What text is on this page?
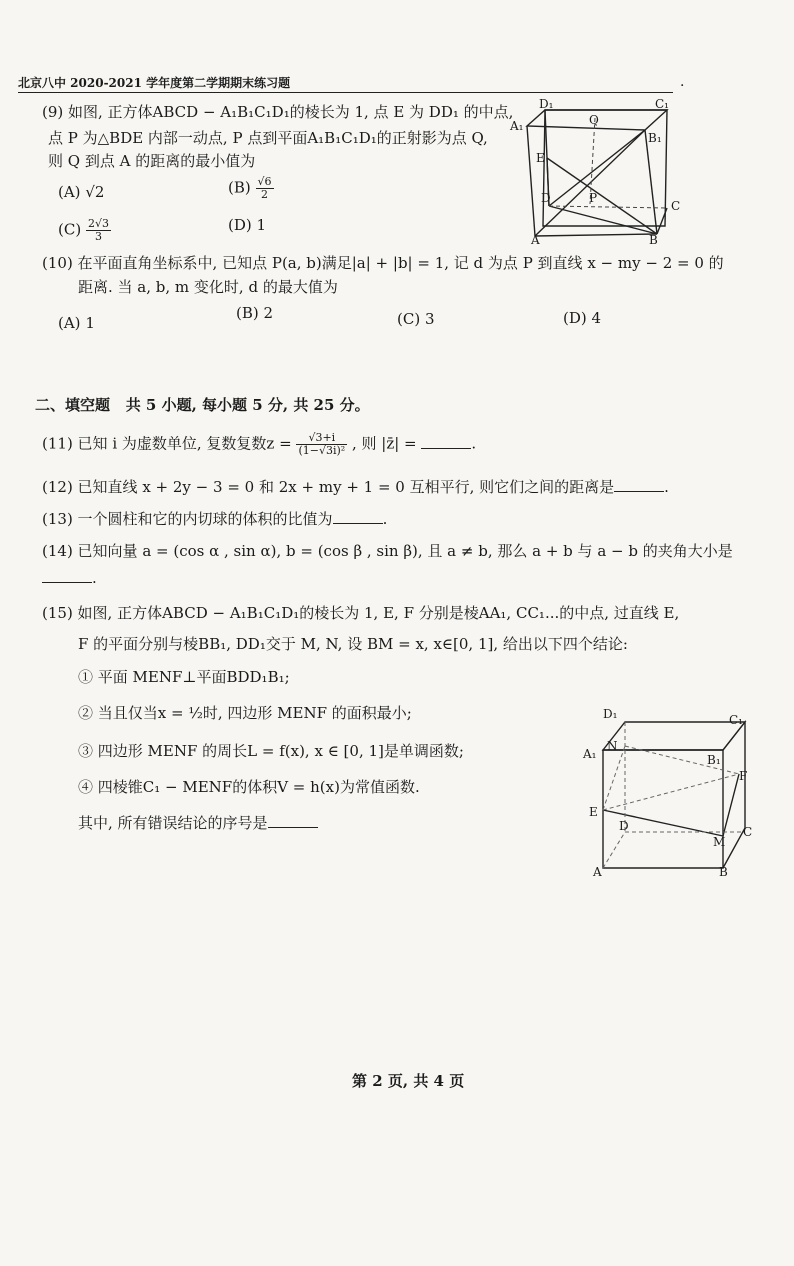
北京八中 2020-2021 学年度第二学期期末练习题	·
(9) 如图, 正方体ABCD − A₁B₁C₁D₁的棱长为 1, 点 E 为 DD₁ 的中点,
点 P 为△BDE 内部一动点, P 点到平面A₁B₁C₁D₁的正射影为点 Q,
则 Q 到点 A 的距离的最小值为
(A) √2	$(B) \frac{√6}{2}$
$(C) \frac{2√3}{3}$	(D) 1
D₁	C₁
A₁
B₁
A	B
C
D
E
P
Q
(10) 在平面直角坐标系中, 已知点 P(a, b)满足|a| + |b| = 1, 记 d 为点 P 到直线 x − my − 2 = 0 的
距离. 当 a, b, m 变化时, d 的最大值为
(A) 1
(B) 2	(C) 3	(D) 4
二、填空题 共 5 小题, 每小题 5 分, 共 25 分。
(11) 已知 i 为虚数单位, 复数复数$z = \frac{√3+i}{\text{(1−√3i)²}}$ , 则 |z̄| =	.
(12) 已知直线 x + 2y − 3 = 0 和 2x + my + 1 = 0 互相平行, 则它们之间的距离是	.
(13) 一个圆柱和它的内切球的体积的比值为	.
(14) 已知向量 a = (cos α , sin α), b = (cos β , sin β), 且 a ≠ b, 那么 a + b 与 a − b 的夹角大小是
.
(15) 如图, 正方体ABCD − A₁B₁C₁D₁的棱长为 1, E, F 分别是棱AA₁, CC₁...的中点, 过直线 E,
F 的平面分别与棱BB₁, DD₁交于 M, N, 设 BM = x, x∈[0, 1], 给出以下四个结论:
① 平面 MENF⊥平面BDD₁B₁;
② 当且仅当x = ½时, 四边形 MENF 的面积最小;
③ 四边形 MENF 的周长L = f(x), x ∈ [0, 1]是单调函数;
④ 四棱锥C₁ − MENF的体积V = h(x)为常值函数.
其中, 所有错误结论的序号是
D₁	C₁
A₁	B₁
N
F
E
D	C
M
A	B
第 2 页, 共 4 页
